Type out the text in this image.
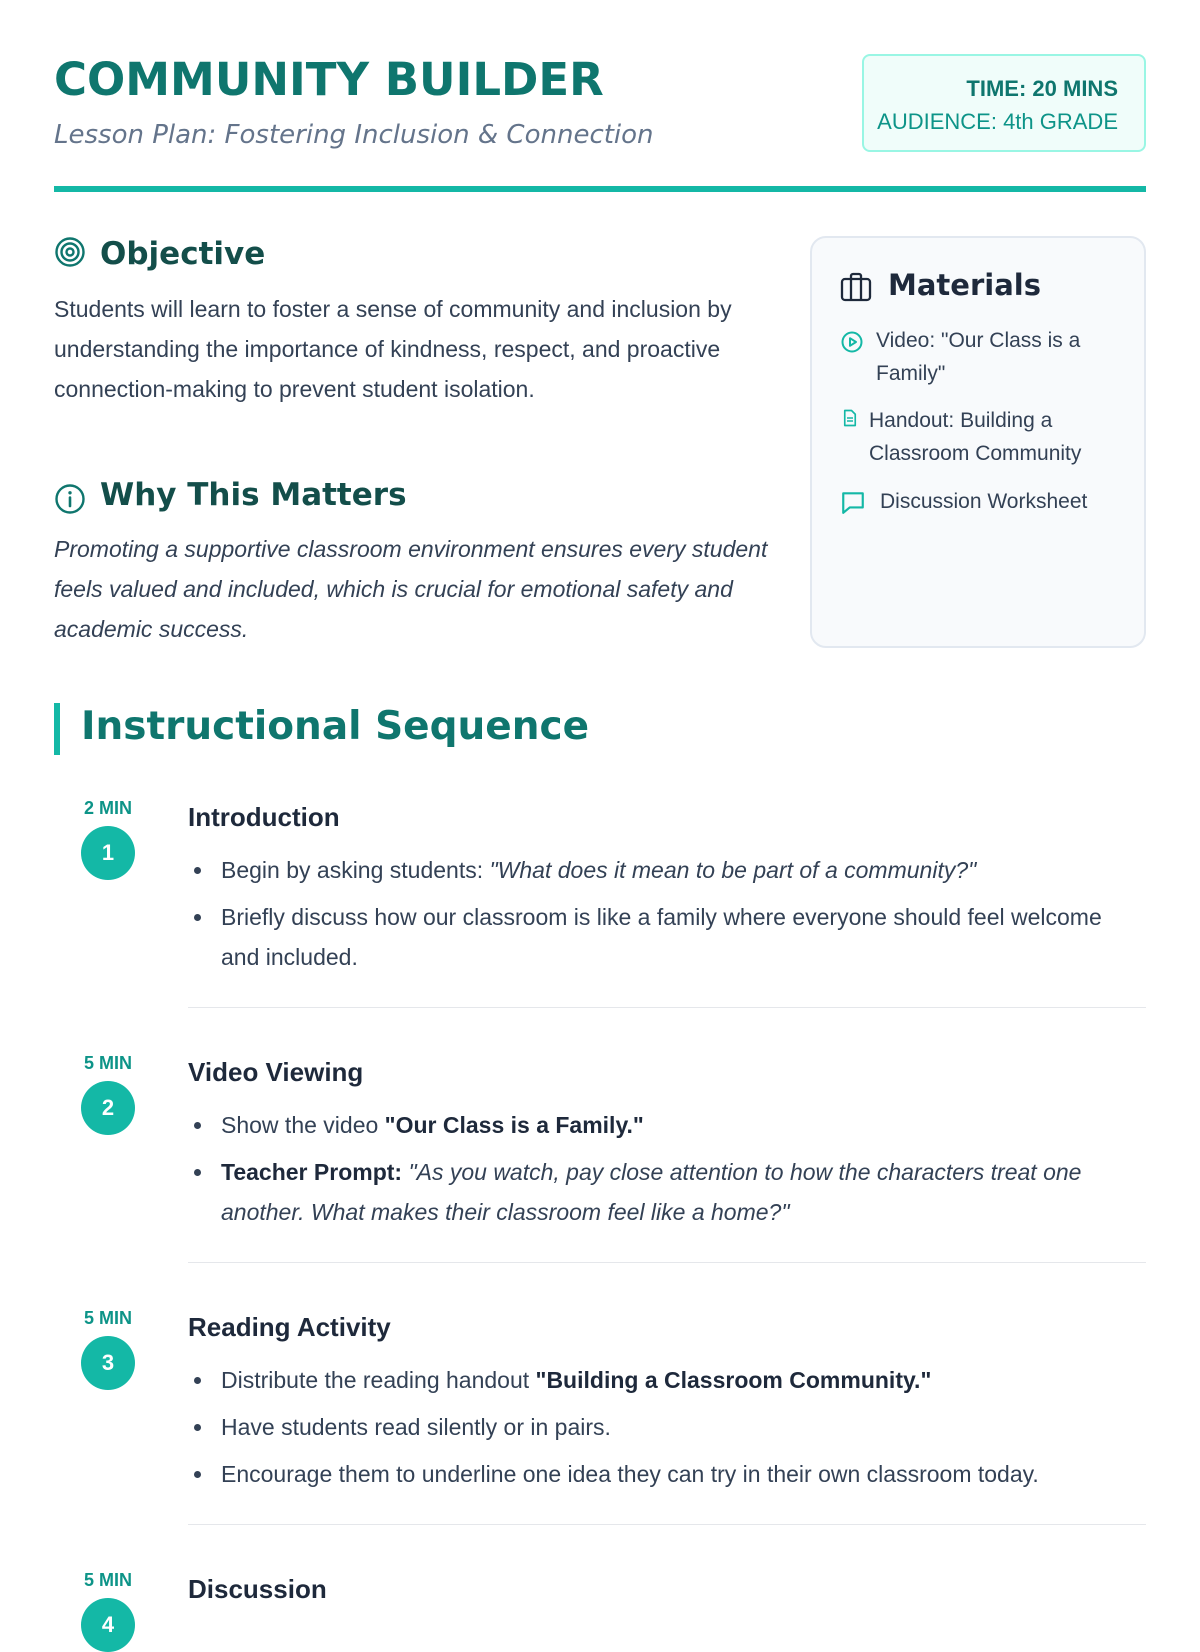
COMMUNITY BUILDER
Lesson Plan: Fostering Inclusion & Connection
TIME: 20 MINS
AUDIENCE: 4th GRADE
Objective
Students will learn to foster a sense of community and inclusion by understanding the importance of kindness, respect, and proactive connection-making to prevent student isolation.
Why This Matters
Promoting a supportive classroom environment ensures every student feels valued and included, which is crucial for emotional safety and academic success.
Materials
Video: "Our Class is a Family"
Handout: Building a Classroom Community
Discussion Worksheet
Instructional Sequence
2 MIN
1
Introduction
Begin by asking students: "What does it mean to be part of a community?"
Briefly discuss how our classroom is like a family where everyone should feel welcome and included.
5 MIN
2
Video Viewing
Show the video "Our Class is a Family."
Teacher Prompt: "As you watch, pay close attention to how the characters treat one another. What makes their classroom feel like a home?"
5 MIN
3
Reading Activity
Distribute the reading handout "Building a Classroom Community."
Have students read silently or in pairs.
Encourage them to underline one idea they can try in their own classroom today.
5 MIN
4
Discussion
